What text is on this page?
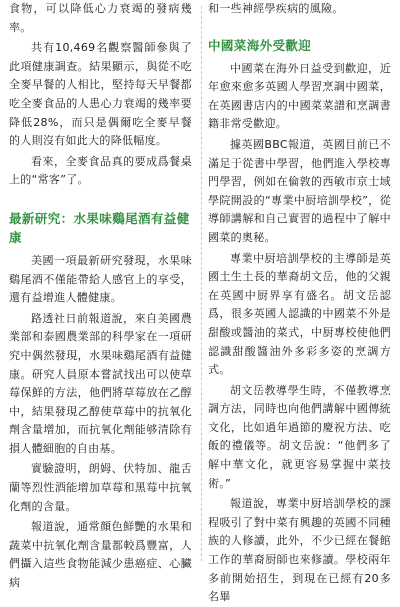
食物，可以降低心力衰竭的發病幾率。

共有10,469名觀察醫師參與了此項健康調查。結果顯示，與從不吃全麥早餐的人相比，堅持每天早餐都吃全麥食品的人患心力衰竭的幾率要降低28%，而只是偶爾吃全麥早餐的人則沒有如此大的降低幅度。

看來，全麥食品真的要成爲餐桌上的“常客”了。

最新研究：水果味鷄尾酒有益健康

美國一項最新研究發現，水果味鷄尾酒不僅能帶給人感官上的享受，還有益增進人體健康。

路透社日前報道說，來自美國農業部和泰國農業部的科學家在一項研究中偶然發現，水果味鷄尾酒有益健康。研究人員原本嘗試找出可以使草莓保鮮的方法，他們將草莓放在乙醇中，結果發現乙醇使草莓中的抗氧化劑含量增加，而抗氧化劑能够清除有損人體細胞的自由基。

實驗證明，朗姆、伏特加、龍舌蘭等烈性酒能增加草莓和黑莓中抗氧化劑的含量。

報道說，通常顔色鮮艷的水果和蔬菜中抗氧化劑含量都較爲豐富，人們攝入這些食物能減少患癌症、心臟病

和一些神經學疾病的風險。

中國菜海外受歡迎

中國菜在海外日益受到歡迎，近年愈來愈多英國人學習烹調中國菜，在英國書店内的中國菜菜譜和烹調書籍非常受歡迎。

據英國BBC報道，英國目前已不滿足于從書中學習，他們進入學校專門學習，例如在倫敦的西敏市京士域學院開設的“專業中厨培訓學校”，從導師講解和自己實習的過程中了解中國菜的奧秘。

專業中厨培訓學校的主導師是英國土生土長的華裔胡文岳，他的父親在英國中厨界享有盛名。胡文岳認爲，很多英國人認識的中國菜不外是甜酸或醬油的菜式，中厨專校使他們認識甜酸醬油外多彩多姿的烹調方式。

胡文岳教導學生時，不僅教導烹調方法，同時也向他們講解中國傳統文化，比如過年過節的慶祝方法、吃飯的禮儀等。胡文岳說：“他們多了解中華文化，就更容易掌握中菜技術。”

報道說，專業中厨培訓學校的課程吸引了對中菜有興趣的英國不同種族的人修讀，此外，不少已經在餐館工作的華裔厨師也來修讀。學校兩年多前開始招生，到現在已經有20多名畢
